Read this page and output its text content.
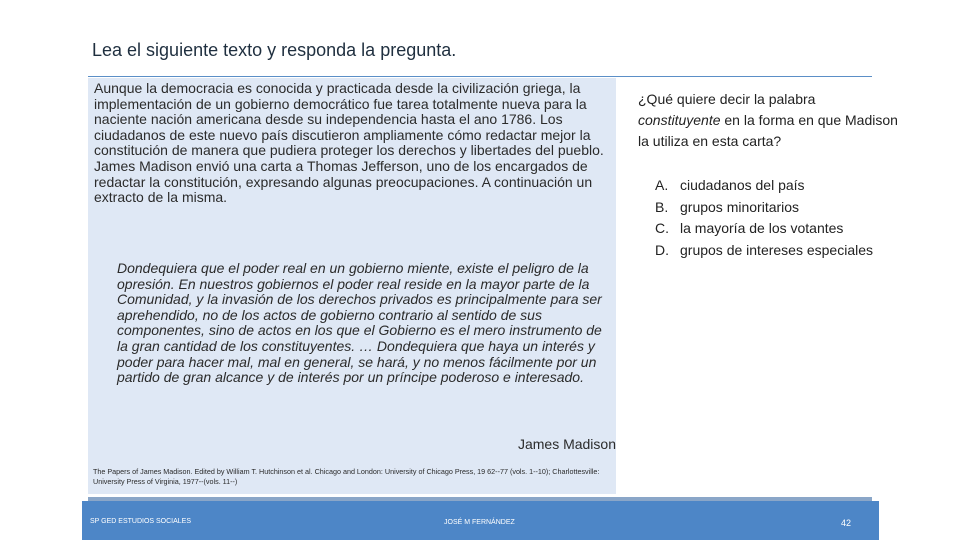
Lea el siguiente texto y responda la pregunta.

Aunque la democracia es conocida y practicada desde la civilización griega, la implementación de un gobierno democrático fue tarea totalmente nueva para la naciente nación americana desde su independencia hasta el ano 1786. Los ciudadanos de este nuevo país discutieron ampliamente cómo redactar mejor la constitución de manera que pudiera proteger los derechos y libertades del pueblo. James Madison envió una carta a Thomas Jefferson, uno de los encargados de redactar la constitución, expresando algunas preocupaciones. A continuación un extracto de la misma.

Dondequiera que el poder real en un gobierno miente, existe el peligro de la opresión. En nuestros gobiernos el poder real reside en la mayor parte de la Comunidad, y la invasión de los derechos privados es principalmente para ser aprehendido, no de los actos de gobierno contrario al sentido de sus componentes, sino de actos en los que el Gobierno es el mero instrumento de la gran cantidad de los constituyentes. … Dondequiera que haya un interés y poder para hacer mal, mal en general, se hará, y no menos fácilmente por un partido de gran alcance y de interés por un príncipe poderoso e interesado.

James Madison

The Papers of James Madison. Edited by William T. Hutchinson et al. Chicago and London: University of Chicago Press, 19 62--77 (vols. 1--10); Charlottesville: University Press of Virginia, 1977--(vols. 11--)

¿Qué quiere decir la palabra constituyente en la forma en que Madison la utiliza en esta carta?

A. ciudadanos del país
B. grupos minoritarios
C. la mayoría de los votantes
D. grupos de intereses especiales
SP GED ESTUDIOS SOCIALES	JOSÉ M FERNÁNDEZ	42
